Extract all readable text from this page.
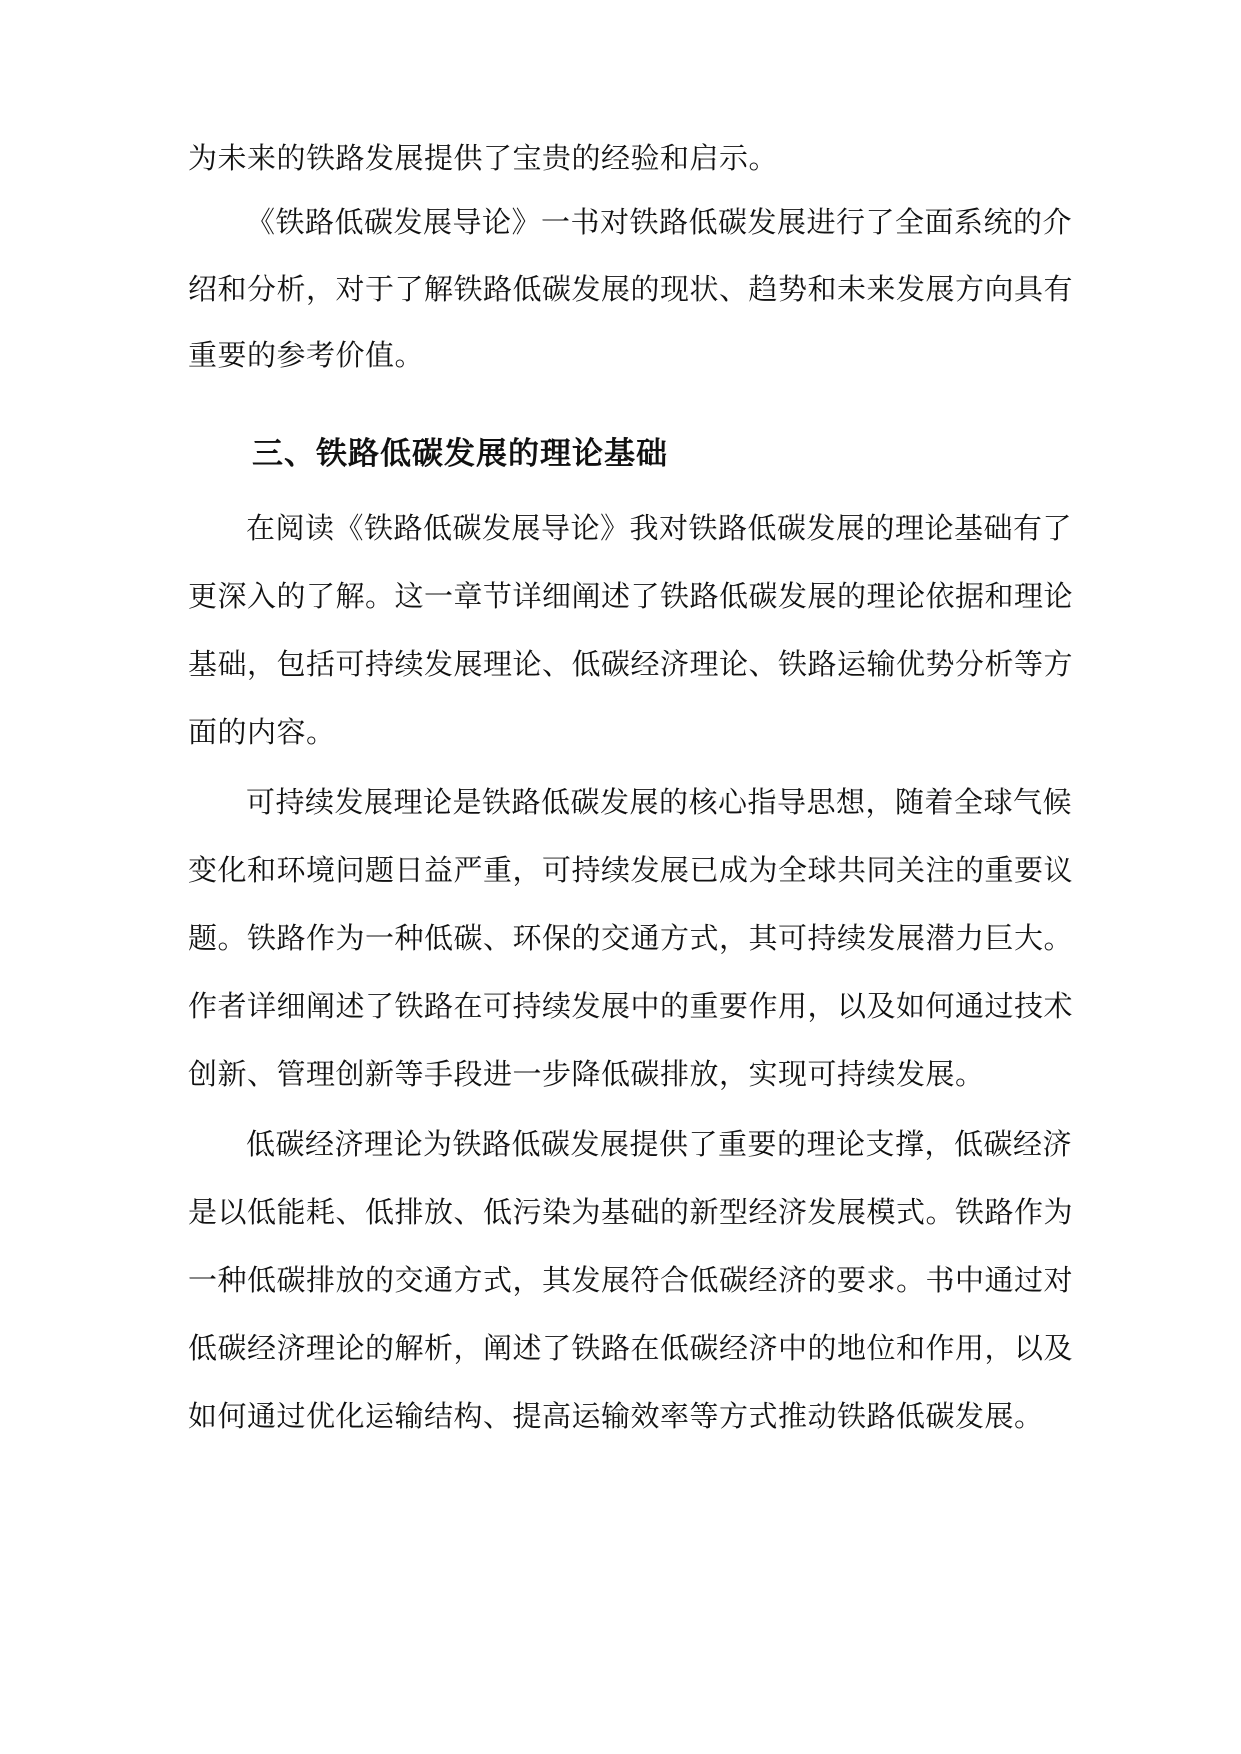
为未来的铁路发展提供了宝贵的经验和启示。
《铁路低碳发展导论》一书对铁路低碳发展进行了全面系统的介
绍和分析，对于了解铁路低碳发展的现状、趋势和未来发展方向具有
重要的参考价值。
三、铁路低碳发展的理论基础
在阅读《铁路低碳发展导论》我对铁路低碳发展的理论基础有了
更深入的了解。这一章节详细阐述了铁路低碳发展的理论依据和理论
基础，包括可持续发展理论、低碳经济理论、铁路运输优势分析等方
面的内容。
可持续发展理论是铁路低碳发展的核心指导思想，随着全球气候
变化和环境问题日益严重，可持续发展已成为全球共同关注的重要议
题。铁路作为一种低碳、环保的交通方式，其可持续发展潜力巨大。
作者详细阐述了铁路在可持续发展中的重要作用，以及如何通过技术
创新、管理创新等手段进一步降低碳排放，实现可持续发展。
低碳经济理论为铁路低碳发展提供了重要的理论支撑，低碳经济
是以低能耗、低排放、低污染为基础的新型经济发展模式。铁路作为
一种低碳排放的交通方式，其发展符合低碳经济的要求。书中通过对
低碳经济理论的解析，阐述了铁路在低碳经济中的地位和作用，以及
如何通过优化运输结构、提高运输效率等方式推动铁路低碳发展。
